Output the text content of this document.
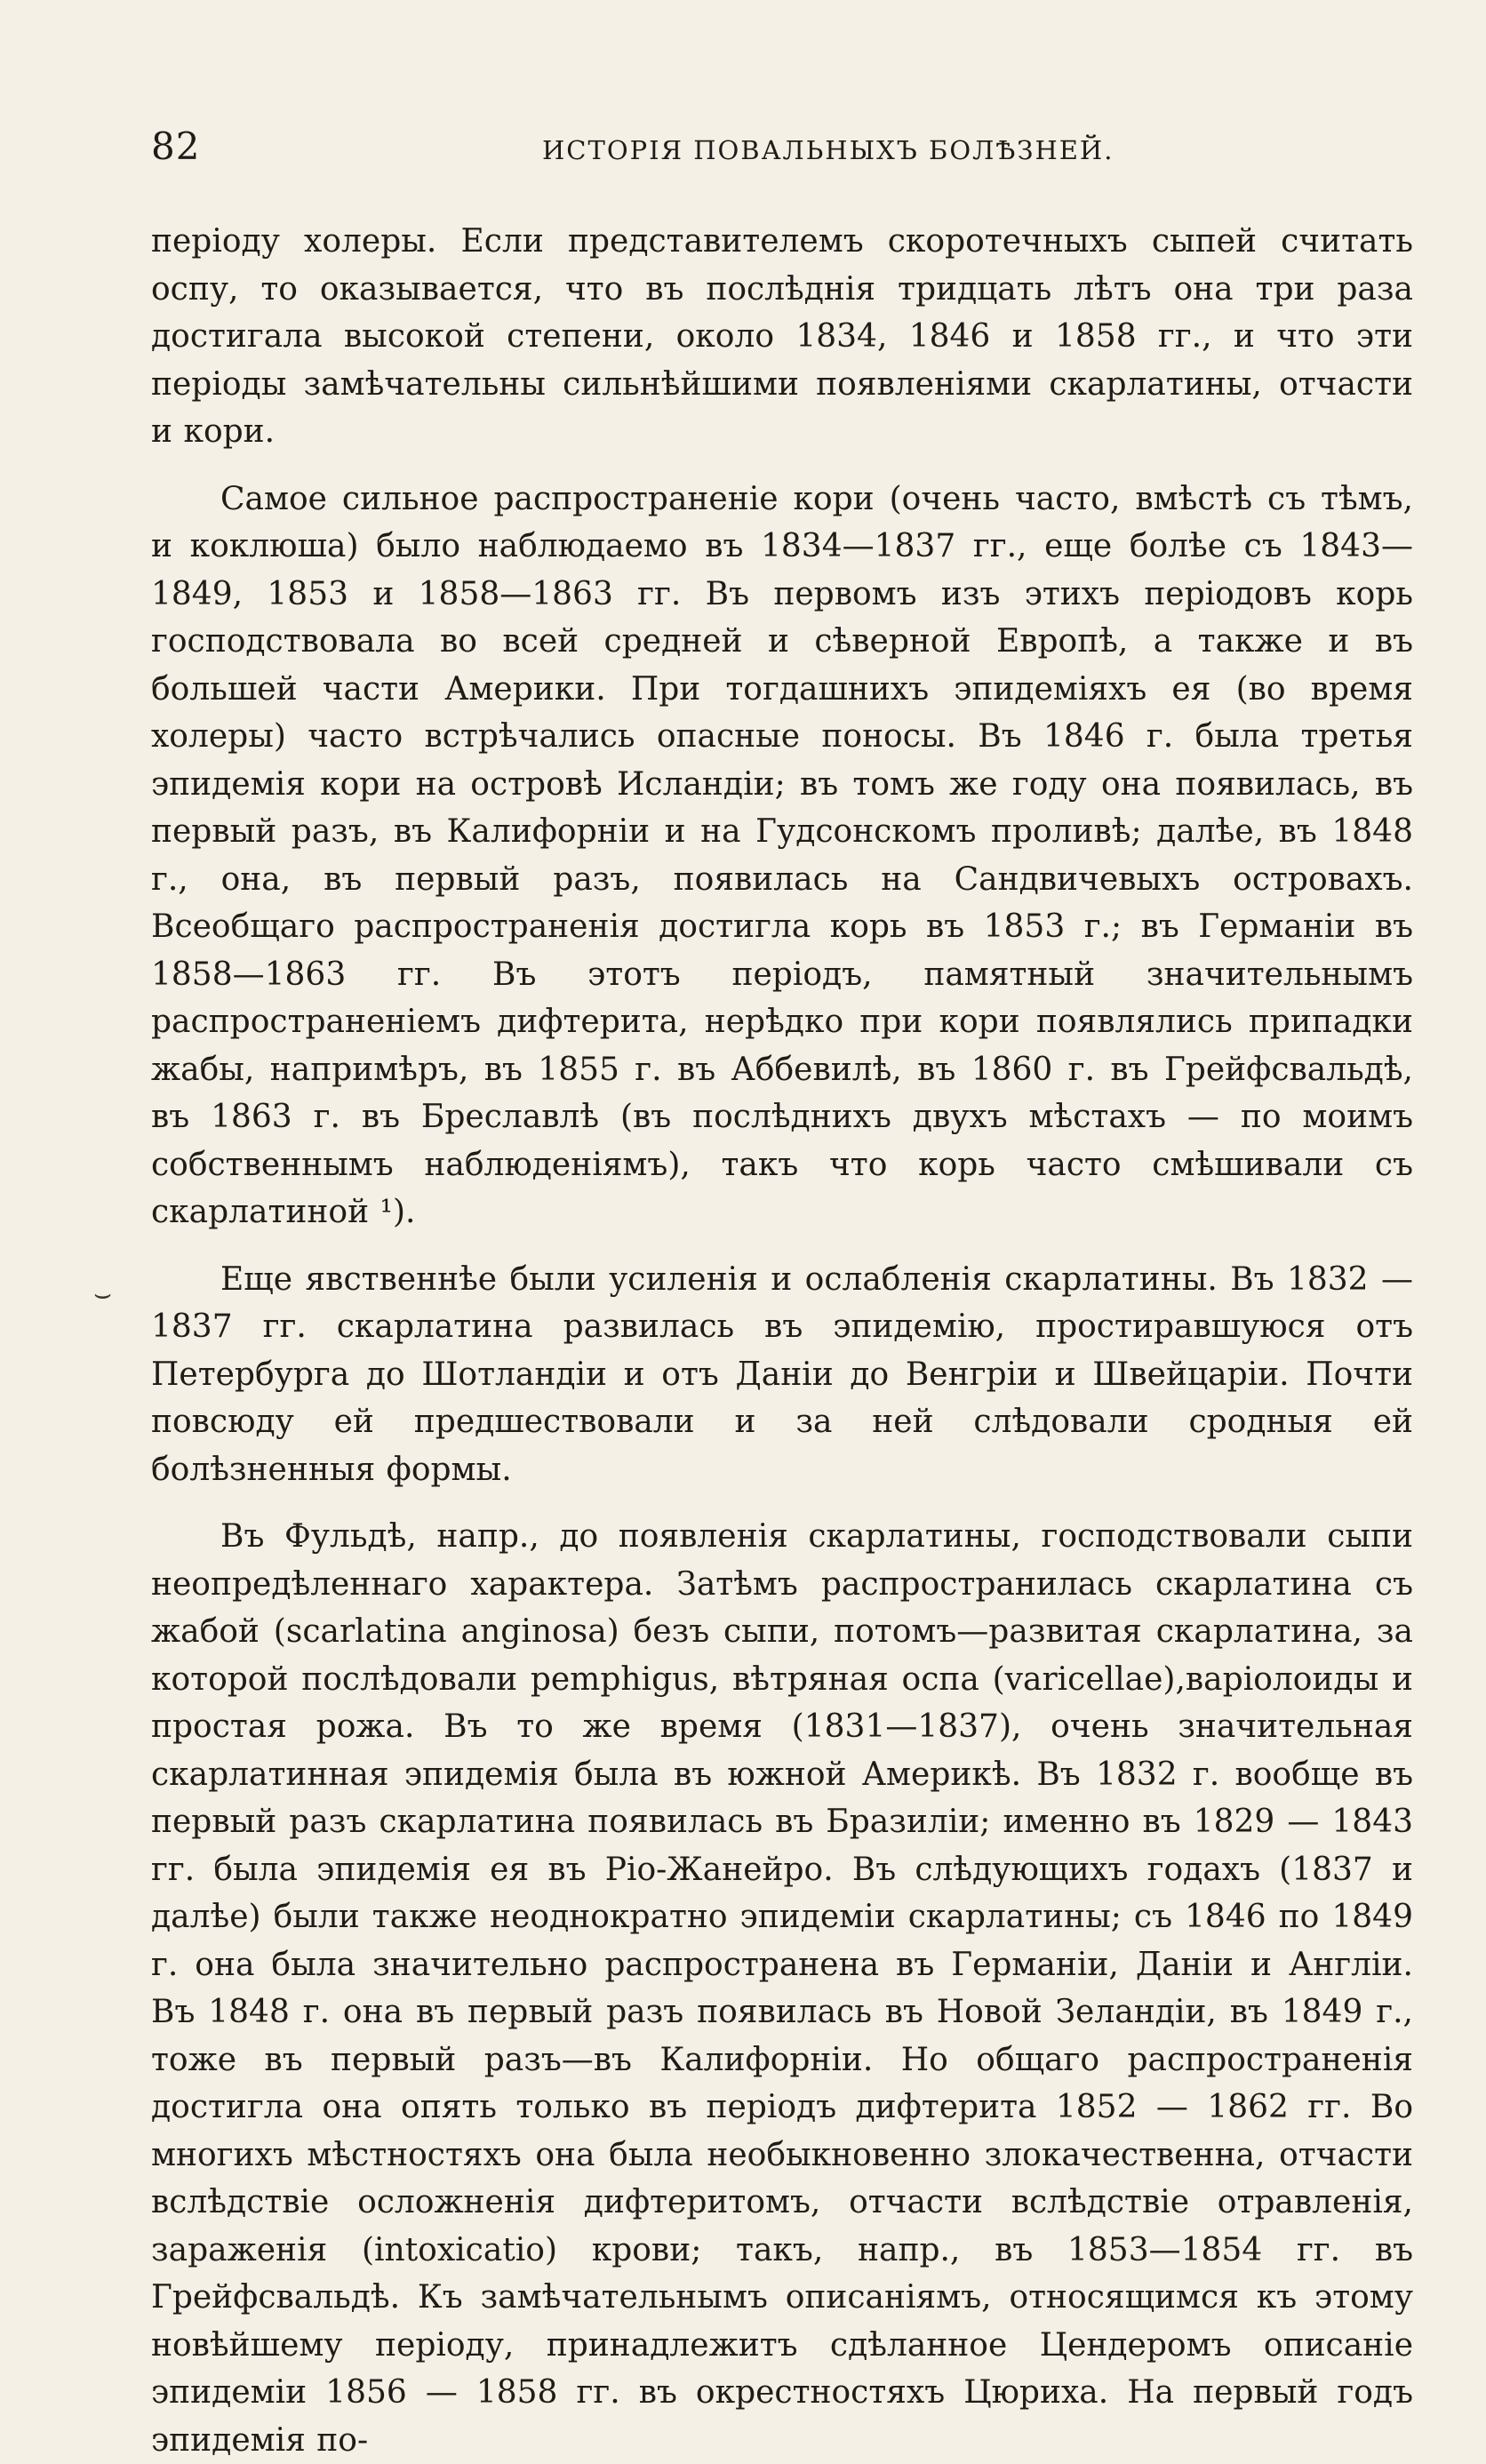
82	ИСТОРІЯ ПОВАЛЬНЫХЪ БОЛѢЗНЕЙ.

періоду холеры. Если представителемъ скоротечныхъ сыпей считать оспу, то оказывается, что въ послѣднія тридцать лѣтъ она три раза достигала высокой степени, около 1834, 1846 и 1858 гг., и что эти періоды замѣчательны сильнѣйшими появленіями скарлатины, отчасти и кори.

Самое сильное распространеніе кори (очень часто, вмѣстѣ съ тѣмъ, и коклюша) было наблюдаемо въ 1834—1837 гг., еще болѣе съ 1843—1849, 1853 и 1858—1863 гг. Въ первомъ изъ этихъ періодовъ корь господствовала во всей средней и сѣверной Европѣ, а также и въ большей части Америки. При тогдашнихъ эпидеміяхъ ея (во время холеры) часто встрѣчались опасные поносы. Въ 1846 г. была третья эпидемія кори на островѣ Исландіи; въ томъ же году она появилась, въ первый разъ, въ Калифорніи и на Гудсонскомъ проливѣ; далѣе, въ 1848 г., она, въ первый разъ, появилась на Сандвичевыхъ островахъ. Всеобщаго распространенія достигла корь въ 1853 г.; въ Германіи въ 1858—1863 гг. Въ этотъ періодъ, памятный значительнымъ распространеніемъ дифтерита, нерѣдко при кори появлялись припадки жабы, напримѣръ, въ 1855 г. въ Аббевилѣ, въ 1860 г. въ Грейфсвальдѣ, въ 1863 г. въ Бреславлѣ (въ послѣднихъ двухъ мѣстахъ — по моимъ собственнымъ наблюденіямъ), такъ что корь часто смѣшивали съ скарлатиной ¹).

Еще явственнѣе были усиленія и ослабленія скарлатины. Въ 1832 — 1837 гг. скарлатина развилась въ эпидемію, простиравшуюся отъ Петербурга до Шотландіи и отъ Даніи до Венгріи и Швейцаріи. Почти повсюду ей предшествовали и за ней слѣдовали сродныя ей болѣзненныя формы.

Въ Фульдѣ, напр., до появленія скарлатины, господствовали сыпи неопредѣленнаго характера. Затѣмъ распространилась скарлатина съ жабой (scarlatina anginosa) безъ сыпи, потомъ—развитая скарлатина, за которой послѣдовали pemphigus, вѣтряная оспа (varicellae),варіолоиды и простая рожа. Въ то же время (1831—1837), очень значительная скарлатинная эпидемія была въ южной Америкѣ. Въ 1832 г. вообще въ первый разъ скарлатина появилась въ Бразиліи; именно въ 1829 — 1843 гг. была эпидемія ея въ Ріо-Жанейро. Въ слѣдующихъ годахъ (1837 и далѣе) были также неоднократно эпидеміи скарлатины; съ 1846 по 1849 г. она была значительно распространена въ Германіи, Даніи и Англіи. Въ 1848 г. она въ первый разъ появилась въ Новой Зеландіи, въ 1849 г., тоже въ первый разъ—въ Калифорніи. Но общаго распространенія достигла она опять только въ періодъ дифтерита 1852 — 1862 гг. Во многихъ мѣстностяхъ она была необыкновенно злокачественна, отчасти вслѣдствіе осложненія дифтеритомъ, отчасти вслѣдствіе отравленія, зараженія (intoxicatio) крови; такъ, напр., въ 1853—1854 гг. въ Грейфсвальдѣ. Къ замѣчательнымъ описаніямъ, относящимся къ этому новѣйшему періоду, принадлежитъ сдѣланное Цендеромъ описаніе эпидеміи 1856 — 1858 гг. въ окрестностяхъ Цюриха. На первый годъ эпидемія по-

⌣
